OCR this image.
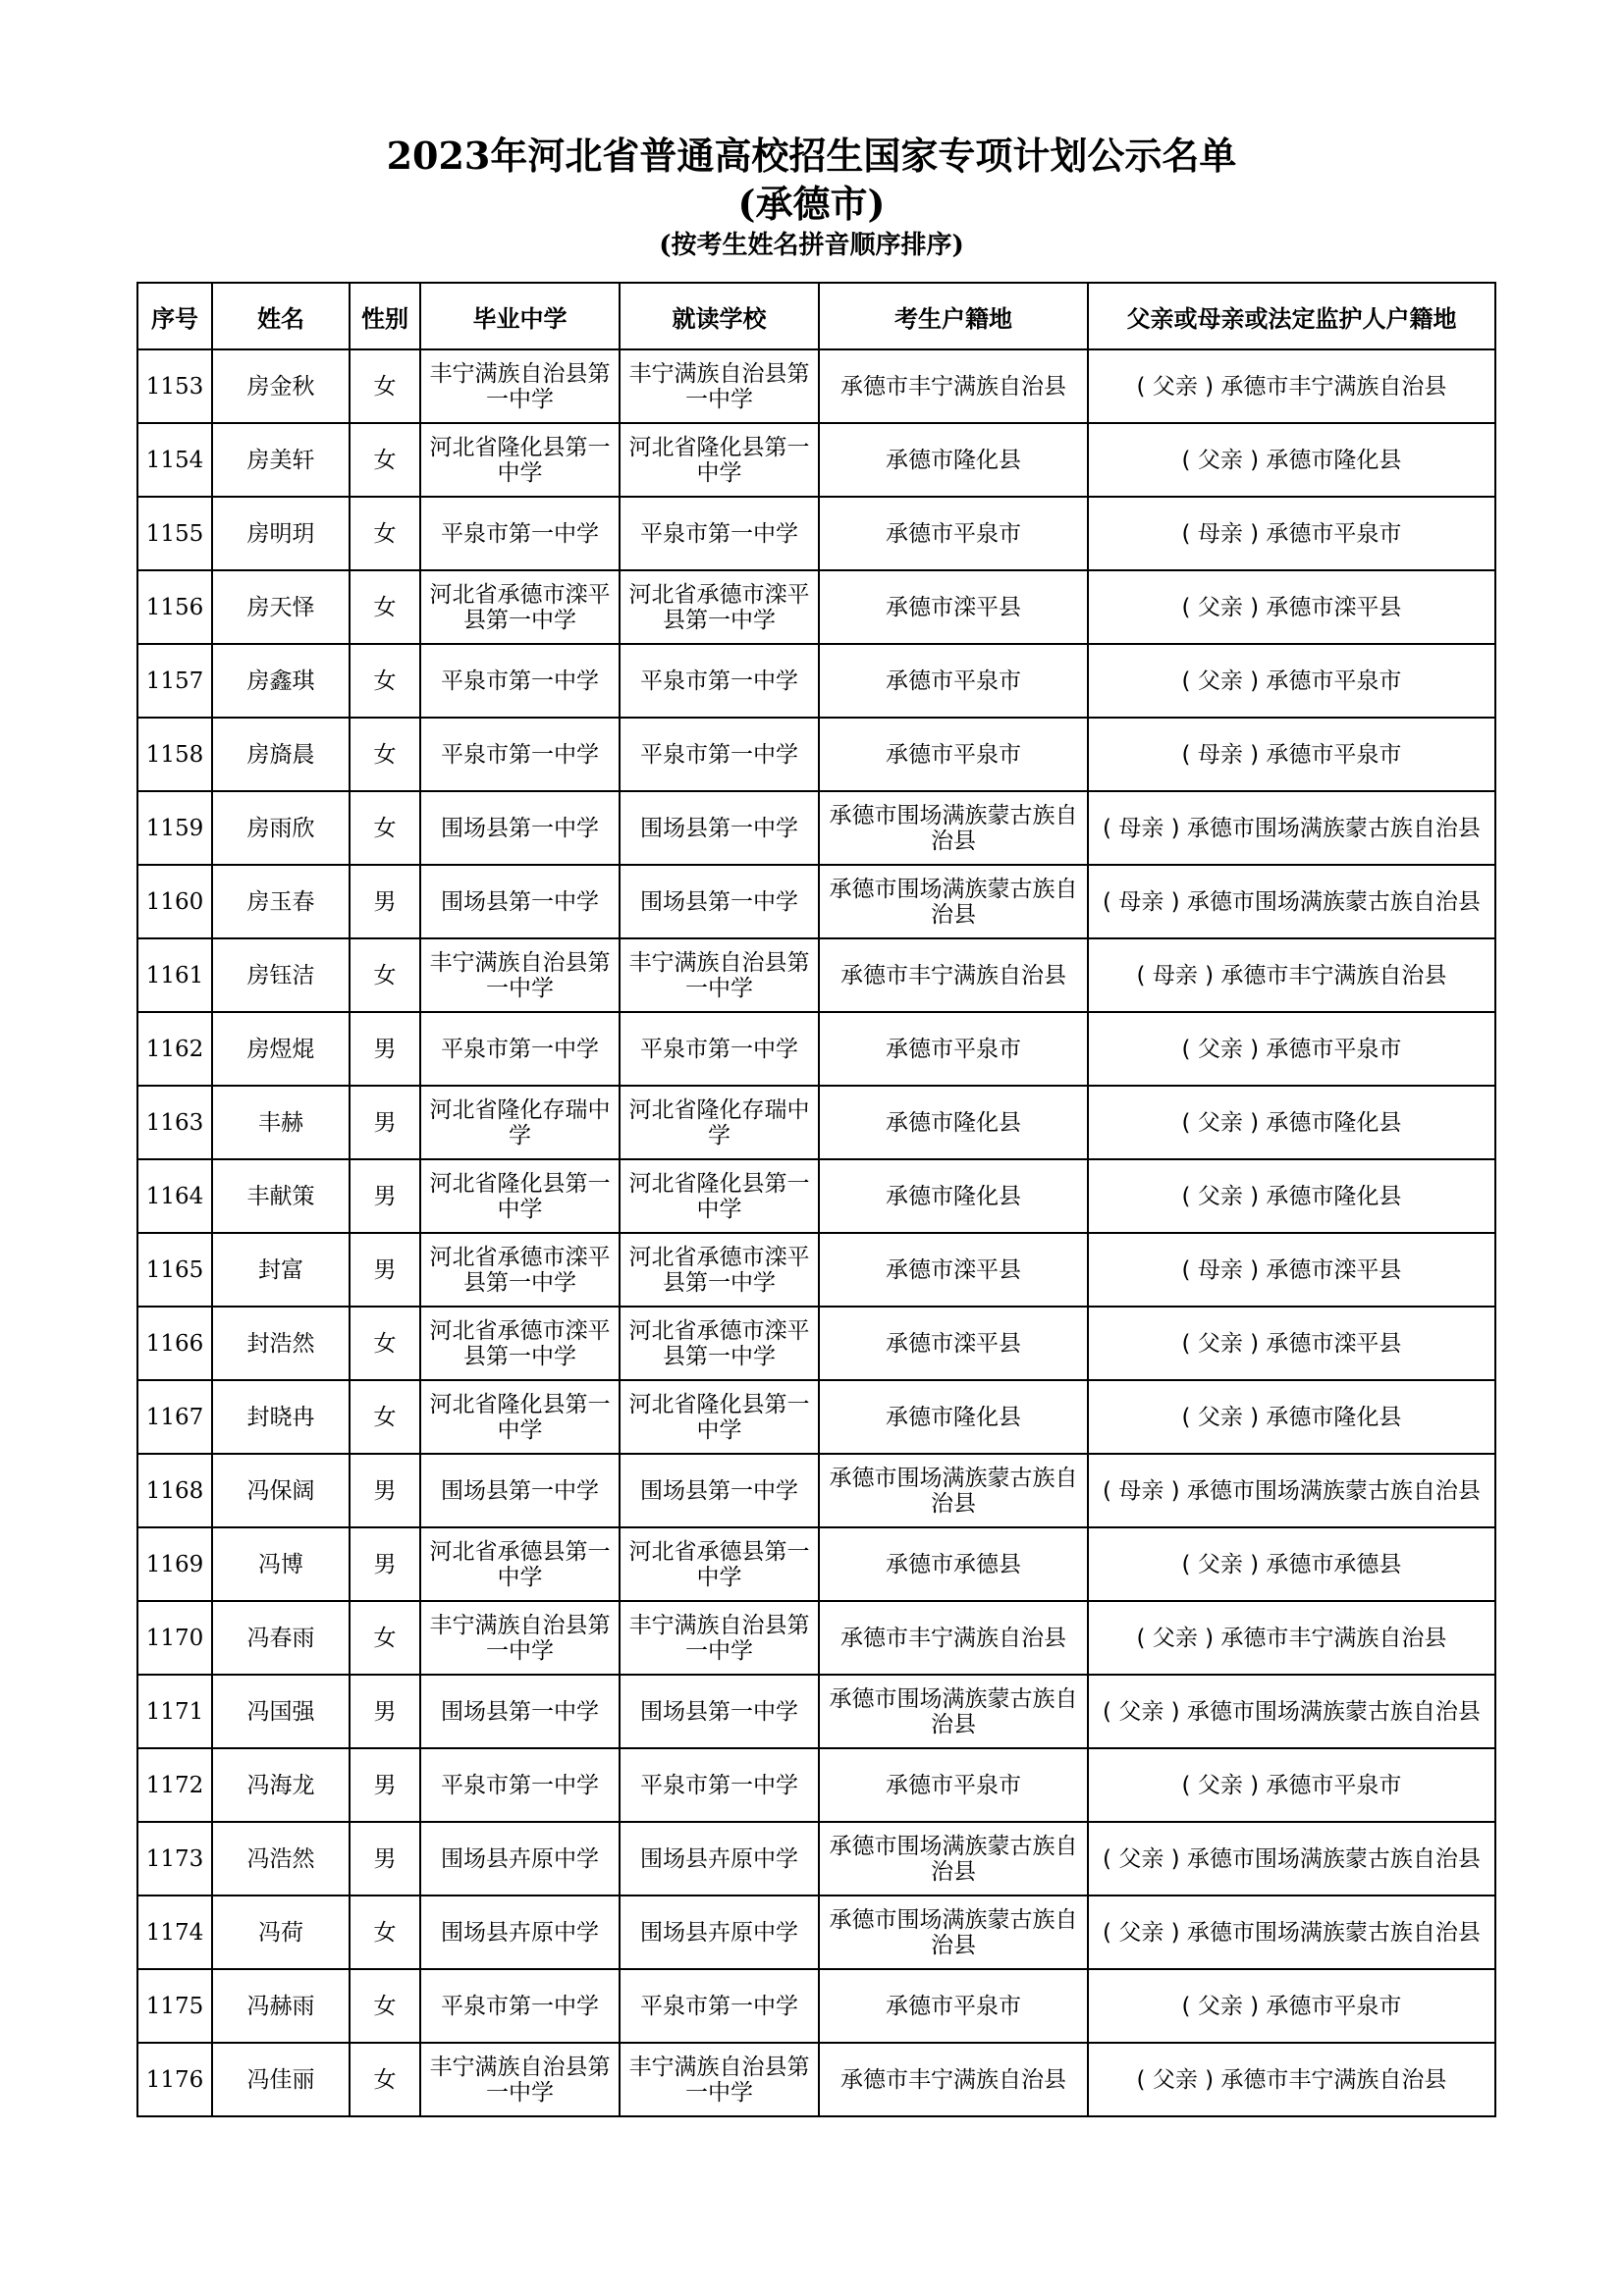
2023年河北省普通高校招生国家专项计划公示名单
(承德市)
(按考生姓名拼音顺序排序)
序号	姓名	性别	毕业中学	就读学校	考生户籍地	父亲或母亲或法定监护人户籍地
1153	房金秋	女	丰宁满族自治县第一中学	丰宁满族自治县第一中学	承德市丰宁满族自治县	( 父亲 ) 承德市丰宁满族自治县
1154	房美轩	女	河北省隆化县第一中学	河北省隆化县第一中学	承德市隆化县	( 父亲 ) 承德市隆化县
1155	房明玥	女	平泉市第一中学	平泉市第一中学	承德市平泉市	( 母亲 ) 承德市平泉市
1156	房天怿	女	河北省承德市滦平县第一中学	河北省承德市滦平县第一中学	承德市滦平县	( 父亲 ) 承德市滦平县
1157	房鑫琪	女	平泉市第一中学	平泉市第一中学	承德市平泉市	( 父亲 ) 承德市平泉市
1158	房旖晨	女	平泉市第一中学	平泉市第一中学	承德市平泉市	( 母亲 ) 承德市平泉市
1159	房雨欣	女	围场县第一中学	围场县第一中学	承德市围场满族蒙古族自治县	( 母亲 ) 承德市围场满族蒙古族自治县
1160	房玉春	男	围场县第一中学	围场县第一中学	承德市围场满族蒙古族自治县	( 母亲 ) 承德市围场满族蒙古族自治县
1161	房钰洁	女	丰宁满族自治县第一中学	丰宁满族自治县第一中学	承德市丰宁满族自治县	( 母亲 ) 承德市丰宁满族自治县
1162	房煜焜	男	平泉市第一中学	平泉市第一中学	承德市平泉市	( 父亲 ) 承德市平泉市
1163	丰赫	男	河北省隆化存瑞中学	河北省隆化存瑞中学	承德市隆化县	( 父亲 ) 承德市隆化县
1164	丰献策	男	河北省隆化县第一中学	河北省隆化县第一中学	承德市隆化县	( 父亲 ) 承德市隆化县
1165	封富	男	河北省承德市滦平县第一中学	河北省承德市滦平县第一中学	承德市滦平县	( 母亲 ) 承德市滦平县
1166	封浩然	女	河北省承德市滦平县第一中学	河北省承德市滦平县第一中学	承德市滦平县	( 父亲 ) 承德市滦平县
1167	封晓冉	女	河北省隆化县第一中学	河北省隆化县第一中学	承德市隆化县	( 父亲 ) 承德市隆化县
1168	冯保阔	男	围场县第一中学	围场县第一中学	承德市围场满族蒙古族自治县	( 母亲 ) 承德市围场满族蒙古族自治县
1169	冯博	男	河北省承德县第一中学	河北省承德县第一中学	承德市承德县	( 父亲 ) 承德市承德县
1170	冯春雨	女	丰宁满族自治县第一中学	丰宁满族自治县第一中学	承德市丰宁满族自治县	( 父亲 ) 承德市丰宁满族自治县
1171	冯国强	男	围场县第一中学	围场县第一中学	承德市围场满族蒙古族自治县	( 父亲 ) 承德市围场满族蒙古族自治县
1172	冯海龙	男	平泉市第一中学	平泉市第一中学	承德市平泉市	( 父亲 ) 承德市平泉市
1173	冯浩然	男	围场县卉原中学	围场县卉原中学	承德市围场满族蒙古族自治县	( 父亲 ) 承德市围场满族蒙古族自治县
1174	冯荷	女	围场县卉原中学	围场县卉原中学	承德市围场满族蒙古族自治县	( 父亲 ) 承德市围场满族蒙古族自治县
1175	冯赫雨	女	平泉市第一中学	平泉市第一中学	承德市平泉市	( 父亲 ) 承德市平泉市
1176	冯佳丽	女	丰宁满族自治县第一中学	丰宁满族自治县第一中学	承德市丰宁满族自治县	( 父亲 ) 承德市丰宁满族自治县
